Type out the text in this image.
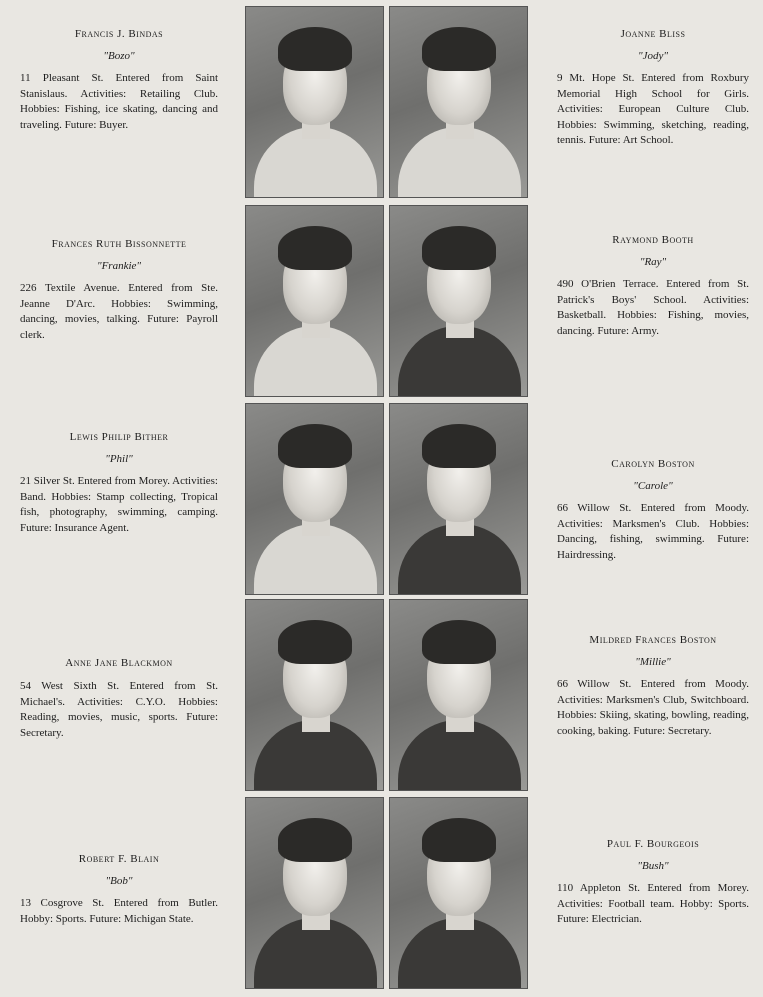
Francis J. Bindas
"Bozo"

11 Pleasant St. Entered from Saint Stanislaus. Activities: Retailing Club. Hobbies: Fishing, ice skating, dancing and traveling. Future: Buyer.

Frances Ruth Bissonnette
"Frankie"

226 Textile Avenue. Entered from Ste. Jeanne D'Arc. Hobbies: Swimming, dancing, movies, talking. Future: Payroll clerk.

Lewis Philip Bither
"Phil"

21 Silver St. Entered from Morey. Activities: Band. Hobbies: Stamp collecting, Tropical fish, photography, swimming, camping. Future: Insurance Agent.

Anne Jane Blackmon

54 West Sixth St. Entered from St. Michael's. Activities: C.Y.O. Hobbies: Reading, movies, music, sports. Future: Secretary.

Robert F. Blain
"Bob"

13 Cosgrove St. Entered from Butler. Hobby: Sports. Future: Michigan State.

Joanne Bliss
"Jody"

9 Mt. Hope St. Entered from Roxbury Memorial High School for Girls. Activities: European Culture Club. Hobbies: Swimming, sketching, reading, tennis. Future: Art School.

Raymond Booth
"Ray"

490 O'Brien Terrace. Entered from St. Patrick's Boys' School. Activities: Basketball. Hobbies: Fishing, movies, dancing. Future: Army.

Carolyn Boston
"Carole"

66 Willow St. Entered from Moody. Activities: Marksmen's Club. Hobbies: Dancing, fishing, swimming. Future: Hairdressing.

Mildred Frances Boston
"Millie"

66 Willow St. Entered from Moody. Activities: Marksmen's Club, Switchboard. Hobbies: Skiing, skating, bowling, reading, cooking, baking. Future: Secretary.

Paul F. Bourgeois
"Bush"

110 Appleton St. Entered from Morey. Activities: Football team. Hobby: Sports. Future: Electrician.
